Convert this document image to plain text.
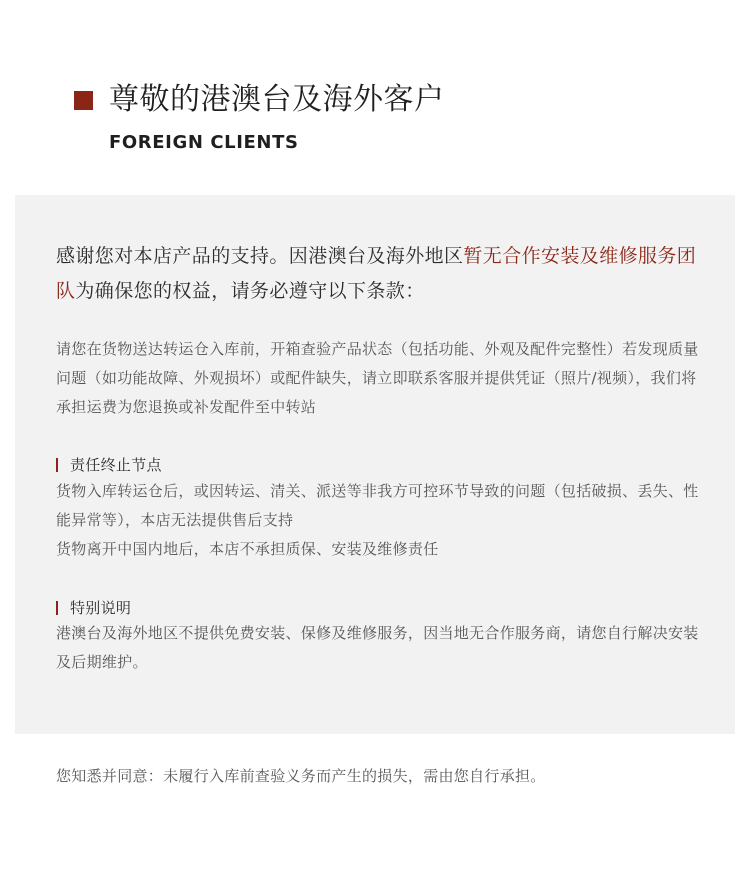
尊敬的港澳台及海外客户
FOREIGN CLIENTS
感谢您对本店产品的支持。因港澳台及海外地区暂无合作安装及维修服务团队为确保您的权益，请务必遵守以下条款：
请您在货物送达转运仓入库前，开箱查验产品状态（包括功能、外观及配件完整性）若发现质量问题（如功能故障、外观损坏）或配件缺失，请立即联系客服并提供凭证（照片/视频），我们将承担运费为您退换或补发配件至中转站
责任终止节点
货物入库转运仓后，或因转运、清关、派送等非我方可控环节导致的问题（包括破损、丢失、性能异常等），本店无法提供售后支持
货物离开中国内地后，本店不承担质保、安装及维修责任
特别说明
港澳台及海外地区不提供免费安装、保修及维修服务，因当地无合作服务商，请您自行解决安装及后期维护。
您知悉并同意：未履行入库前查验义务而产生的损失，需由您自行承担。
